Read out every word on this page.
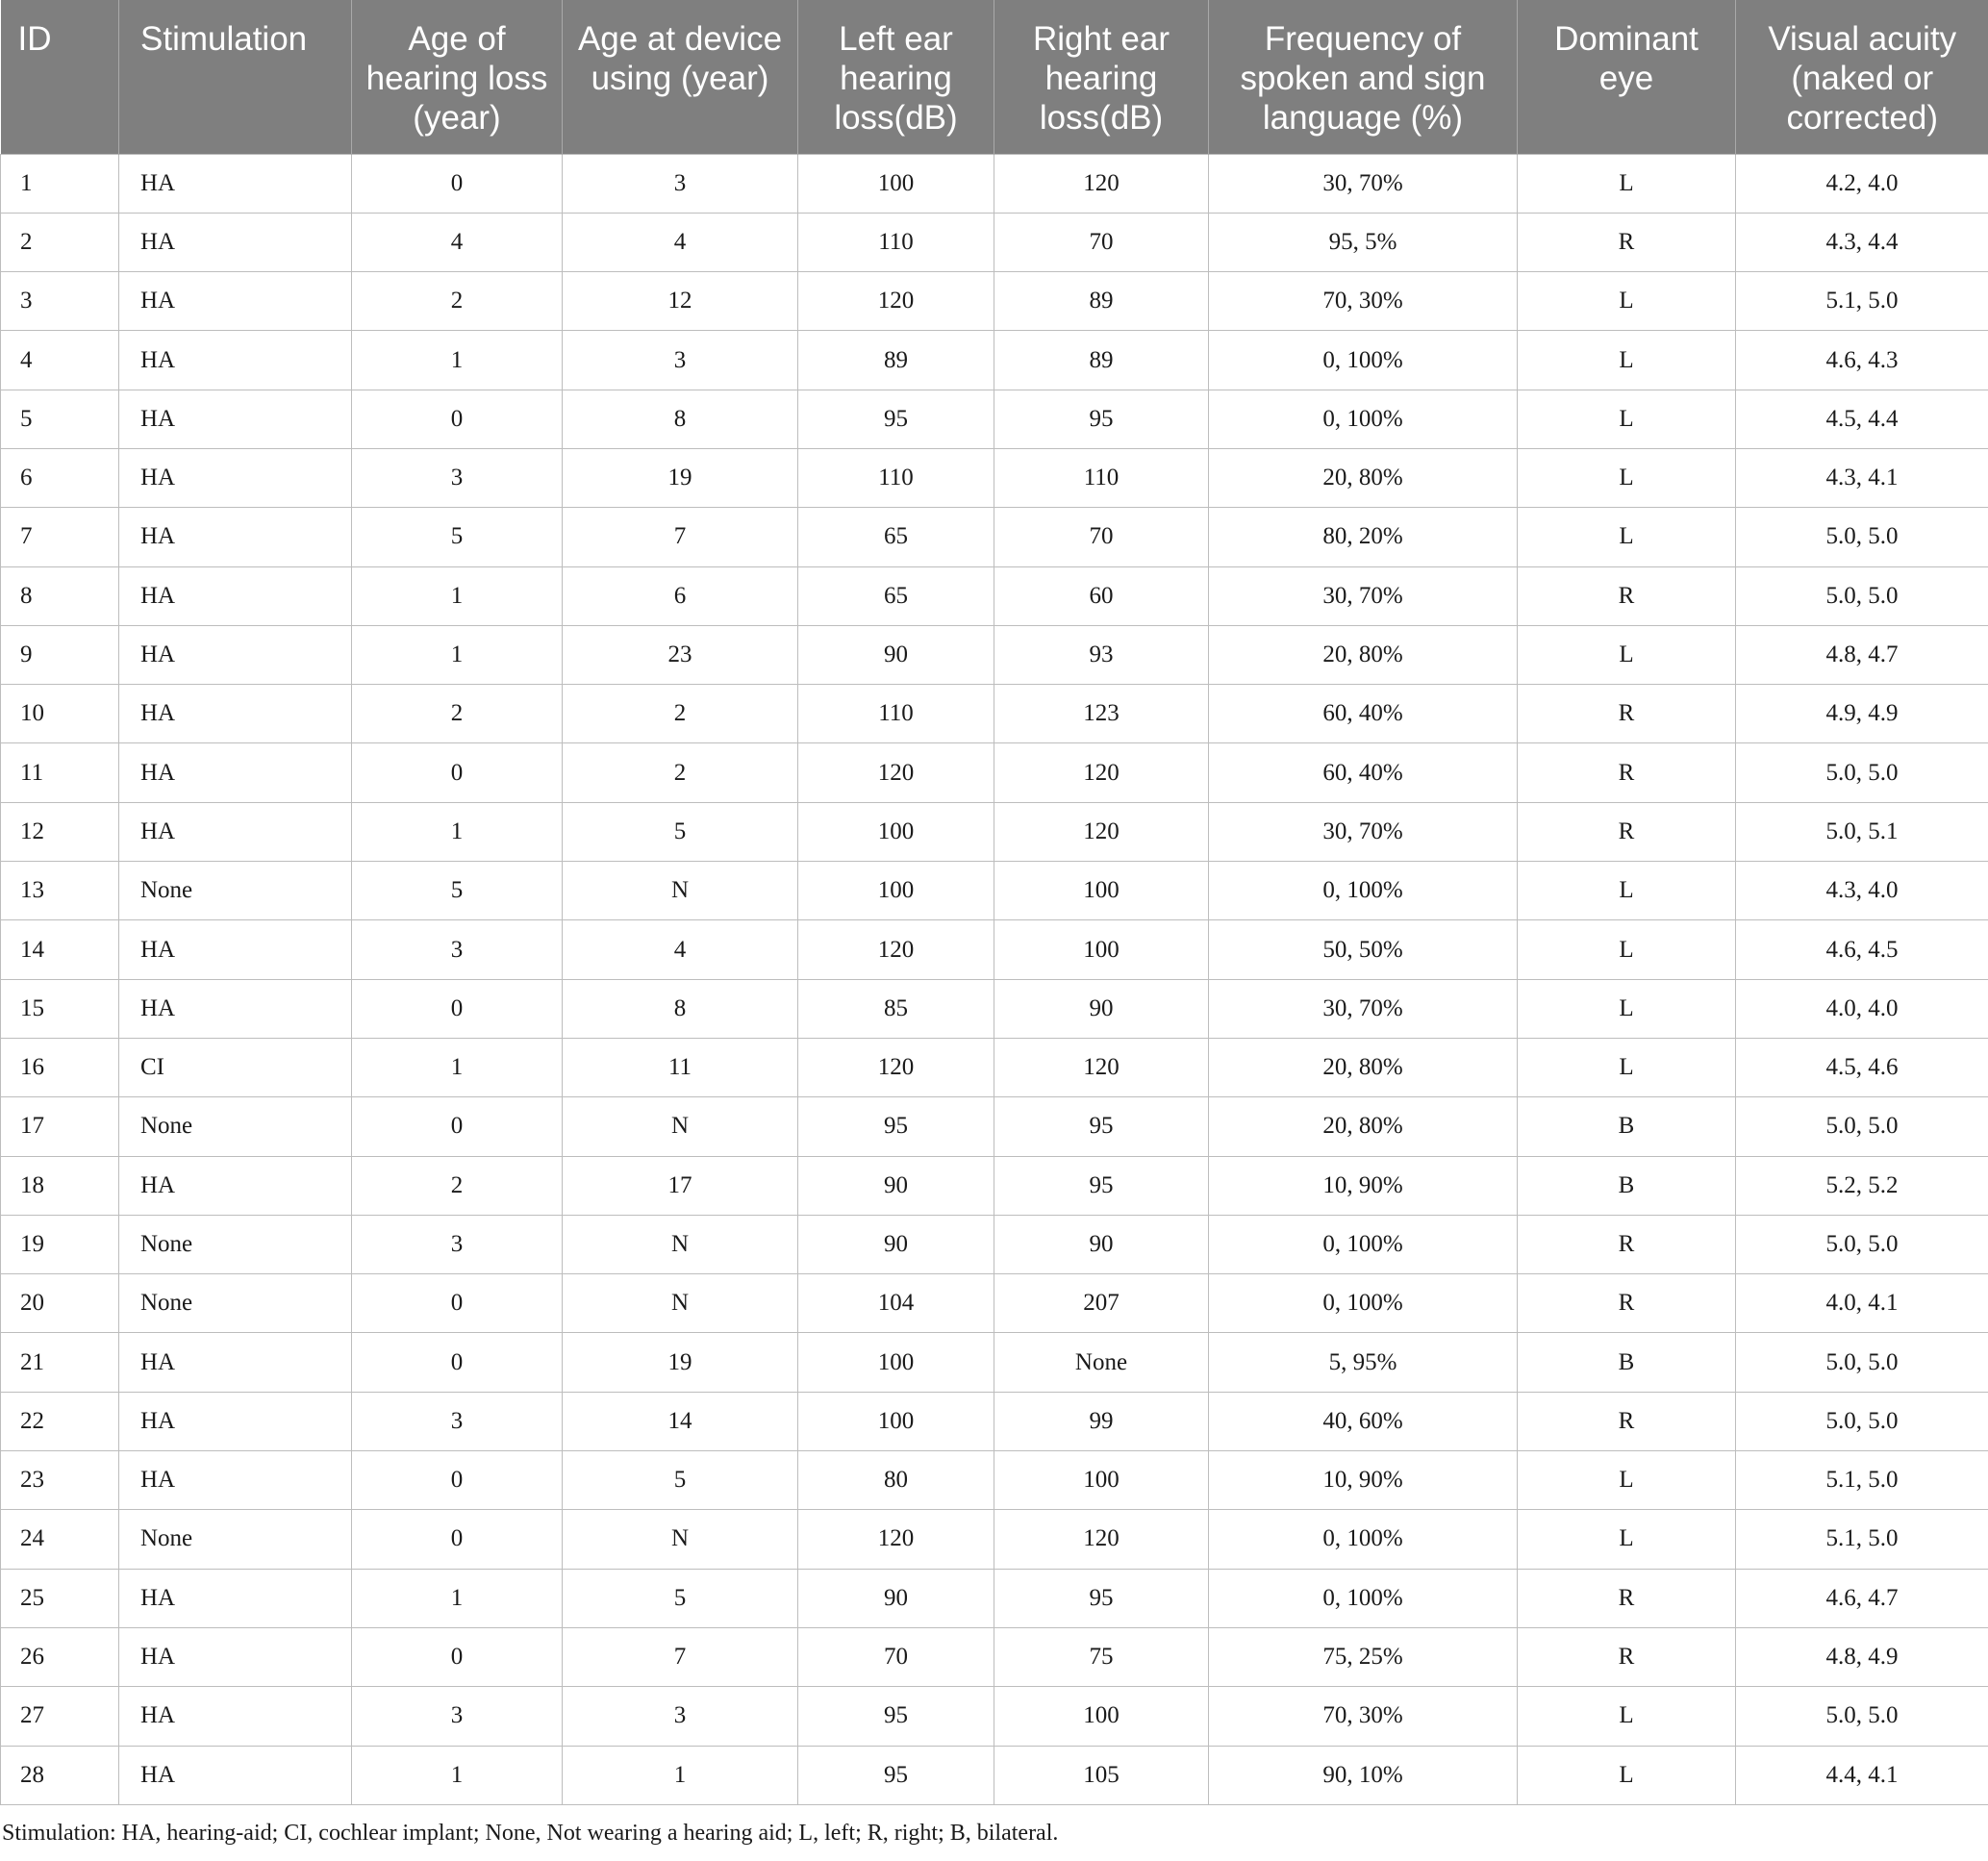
ID	Stimulation	Age of hearing loss (year)	Age at device using (year)	Left ear hearing loss(dB)	Right ear hearing loss(dB)	Frequency of spoken and sign language (%)	Dominant eye	Visual acuity (naked or corrected)
1	HA	0	3	100	120	30, 70%	L	4.2, 4.0
2	HA	4	4	110	70	95, 5%	R	4.3, 4.4
3	HA	2	12	120	89	70, 30%	L	5.1, 5.0
4	HA	1	3	89	89	0, 100%	L	4.6, 4.3
5	HA	0	8	95	95	0, 100%	L	4.5, 4.4
6	HA	3	19	110	110	20, 80%	L	4.3, 4.1
7	HA	5	7	65	70	80, 20%	L	5.0, 5.0
8	HA	1	6	65	60	30, 70%	R	5.0, 5.0
9	HA	1	23	90	93	20, 80%	L	4.8, 4.7
10	HA	2	2	110	123	60, 40%	R	4.9, 4.9
11	HA	0	2	120	120	60, 40%	R	5.0, 5.0
12	HA	1	5	100	120	30, 70%	R	5.0, 5.1
13	None	5	N	100	100	0, 100%	L	4.3, 4.0
14	HA	3	4	120	100	50, 50%	L	4.6, 4.5
15	HA	0	8	85	90	30, 70%	L	4.0, 4.0
16	CI	1	11	120	120	20, 80%	L	4.5, 4.6
17	None	0	N	95	95	20, 80%	B	5.0, 5.0
18	HA	2	17	90	95	10, 90%	B	5.2, 5.2
19	None	3	N	90	90	0, 100%	R	5.0, 5.0
20	None	0	N	104	207	0, 100%	R	4.0, 4.1
21	HA	0	19	100	None	5, 95%	B	5.0, 5.0
22	HA	3	14	100	99	40, 60%	R	5.0, 5.0
23	HA	0	5	80	100	10, 90%	L	5.1, 5.0
24	None	0	N	120	120	0, 100%	L	5.1, 5.0
25	HA	1	5	90	95	0, 100%	R	4.6, 4.7
26	HA	0	7	70	75	75, 25%	R	4.8, 4.9
27	HA	3	3	95	100	70, 30%	L	5.0, 5.0
28	HA	1	1	95	105	90, 10%	L	4.4, 4.1
Stimulation: HA, hearing-aid; CI, cochlear implant; None, Not wearing a hearing aid; L, left; R, right; B, bilateral.
